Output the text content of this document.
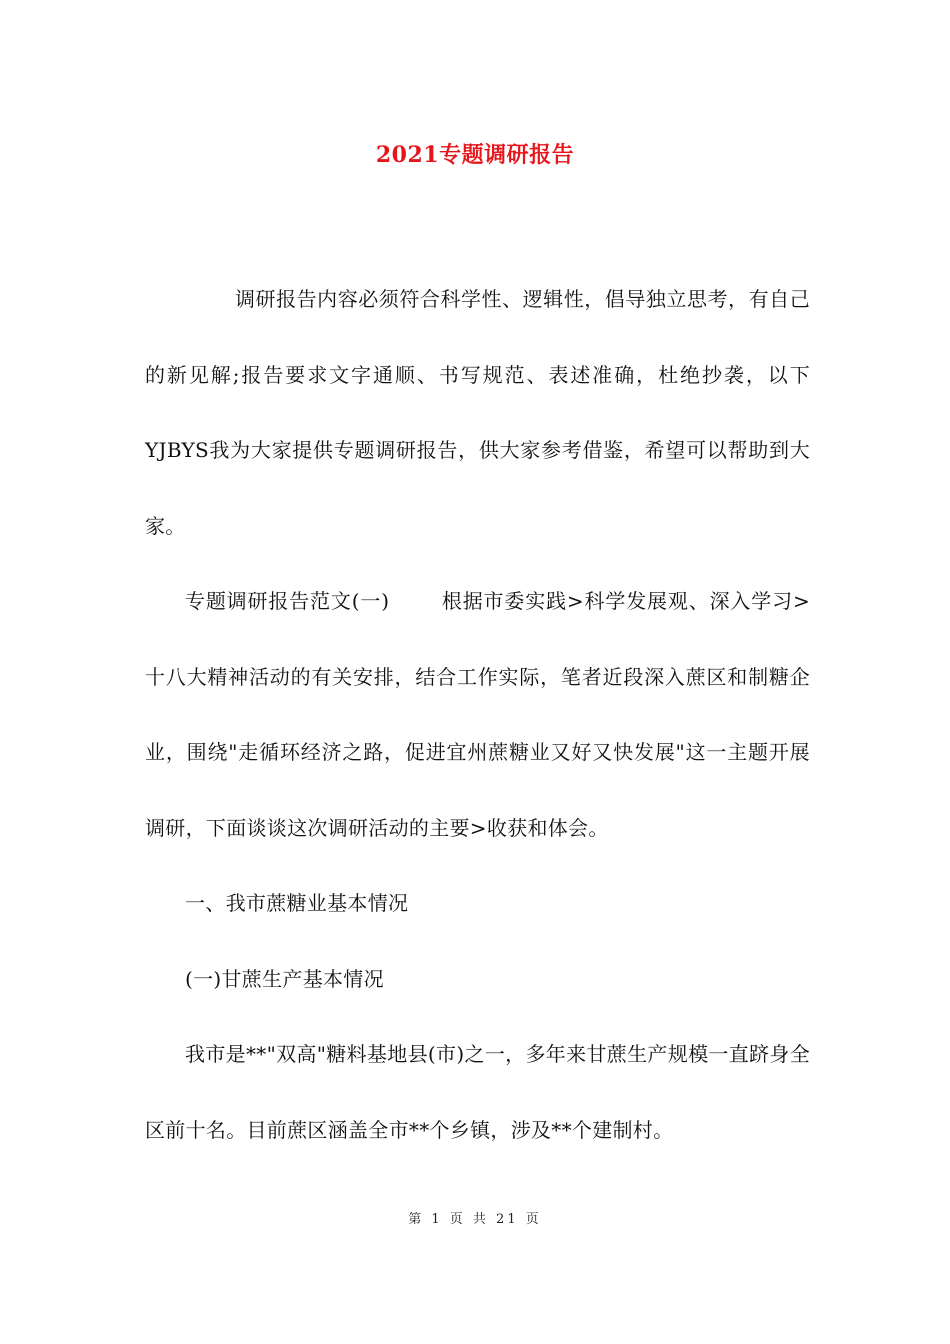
2021专题调研报告

调研报告内容必须符合科学性、逻辑性，倡导独立思考，有自己的新见解;报告要求文字通顺、书写规范、表述准确，杜绝抄袭，以下YJBYS我为大家提供专题调研报告，供大家参考借鉴，希望可以帮助到大家。

专题调研报告范文(一)	根据市委实践>科学发展观、深入学习>十八大精神活动的有关安排，结合工作实际，笔者近段深入蔗区和制糖企业，围绕"走循环经济之路，促进宜州蔗糖业又好又快发展"这一主题开展调研，下面谈谈这次调研活动的主要>收获和体会。

一、我市蔗糖业基本情况

(一)甘蔗生产基本情况

我市是**"双高"糖料基地县(市)之一，多年来甘蔗生产规模一直跻身全区前十名。目前蔗区涵盖全市**个乡镇，涉及**个建制村。

第 1 页 共 21 页
